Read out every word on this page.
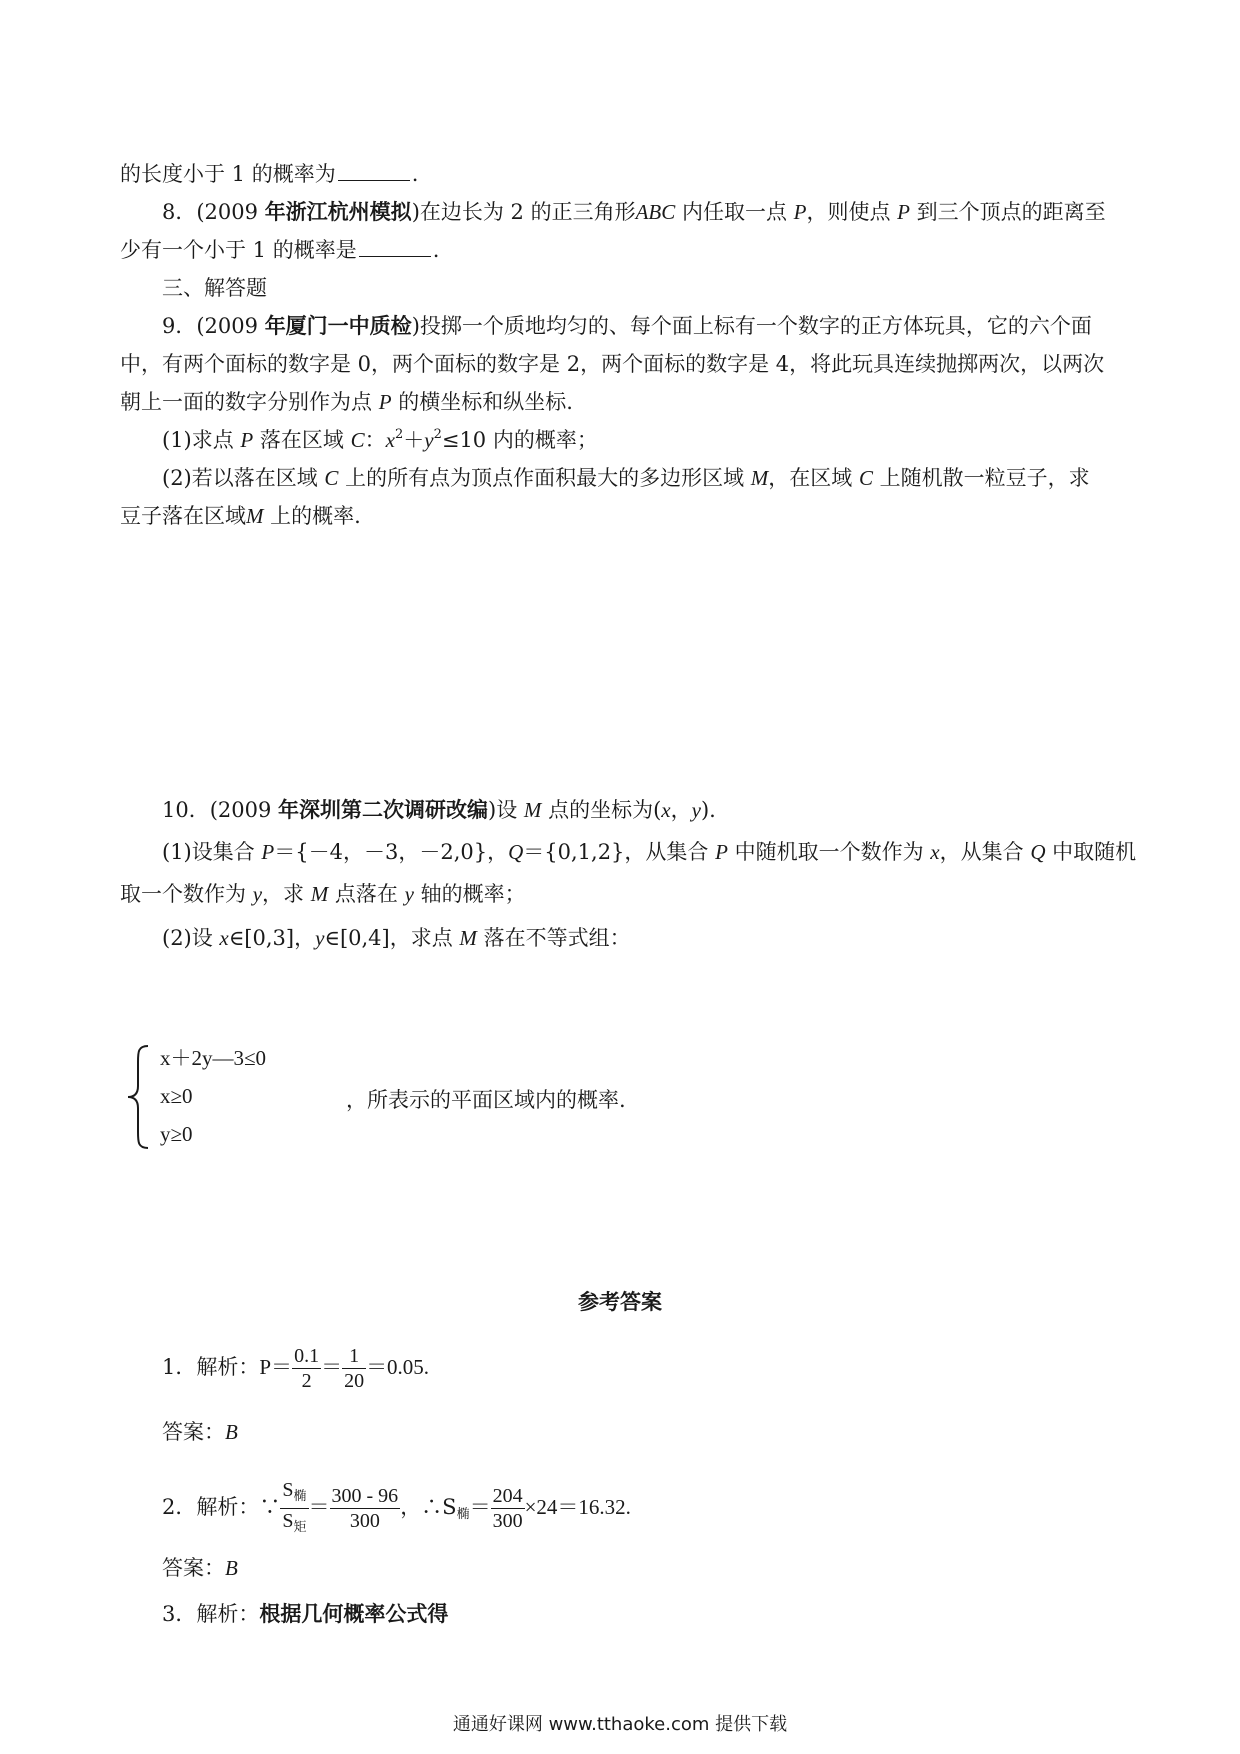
的长度小于 1 的概率为	.
8．(2009 年浙江杭州模拟)在边长为 2 的正三角形ABC 内任取一点 P，则使点 P 到三个顶点的距离至
少有一个小于 1 的概率是	.
三、解答题
9．(2009 年厦门一中质检)投掷一个质地均匀的、每个面上标有一个数字的正方体玩具，它的六个面
中，有两个面标的数字是 0，两个面标的数字是 2，两个面标的数字是 4，将此玩具连续抛掷两次，以两次
朝上一面的数字分别作为点 P 的横坐标和纵坐标.
(1)求点 P 落在区域 C：$x^2+y^2\le 10$ 内的概率；
(2)若以落在区域 C 上的所有点为顶点作面积最大的多边形区域 M，在区域 C 上随机散一粒豆子，求
豆子落在区域M 上的概率.
10．(2009 年深圳第二次调研改编)设 M 点的坐标为(x，y).
(1)设集合 P＝{－4，－3，－2,0}，Q＝{0,1,2}，从集合 P 中随机取一个数作为 x，从集合 Q 中取随机
取一个数作为 y，求 M 点落在 y 轴的概率；
(2)设 x∈[0,3]，y∈[0,4]，求点 M 落在不等式组：
x＋2y—3≤0
x≥0
y≥0
，所表示的平面区域内的概率.
参考答案
1．解析：$P= \frac{0.1}{2} = \frac{1}{20} =0.05$.
答案：B
2．解析：∵ $\frac{S_椭}{S_矩} = \frac{300 - 96}{300}$ ，$\therefore S_椭= \frac{204}{300} \times 24=16.32$.
答案：B
3．解析：根据几何概率公式得
通通好课网 www.tthaoke.com 提供下载
